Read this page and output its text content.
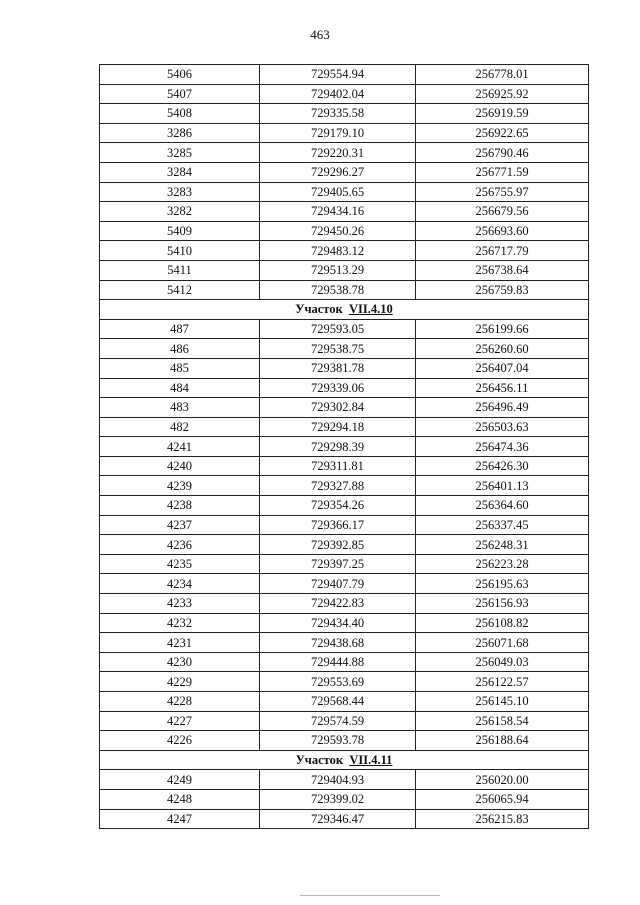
463
5406	729554.94	256778.01
5407	729402.04	256925.92
5408	729335.58	256919.59
3286	729179.10	256922.65
3285	729220.31	256790.46
3284	729296.27	256771.59
3283	729405.65	256755.97
3282	729434.16	256679.56
5409	729450.26	256693.60
5410	729483.12	256717.79
5411	729513.29	256738.64
5412	729538.78	256759.83
Участок VII.4.10		
487	729593.05	256199.66
486	729538.75	256260.60
485	729381.78	256407.04
484	729339.06	256456.11
483	729302.84	256496.49
482	729294.18	256503.63
4241	729298.39	256474.36
4240	729311.81	256426.30
4239	729327.88	256401.13
4238	729354.26	256364.60
4237	729366.17	256337.45
4236	729392.85	256248.31
4235	729397.25	256223.28
4234	729407.79	256195.63
4233	729422.83	256156.93
4232	729434.40	256108.82
4231	729438.68	256071.68
4230	729444.88	256049.03
4229	729553.69	256122.57
4228	729568.44	256145.10
4227	729574.59	256158.54
4226	729593.78	256188.64
Участок VII.4.11		
4249	729404.93	256020.00
4248	729399.02	256065.94
4247	729346.47	256215.83
